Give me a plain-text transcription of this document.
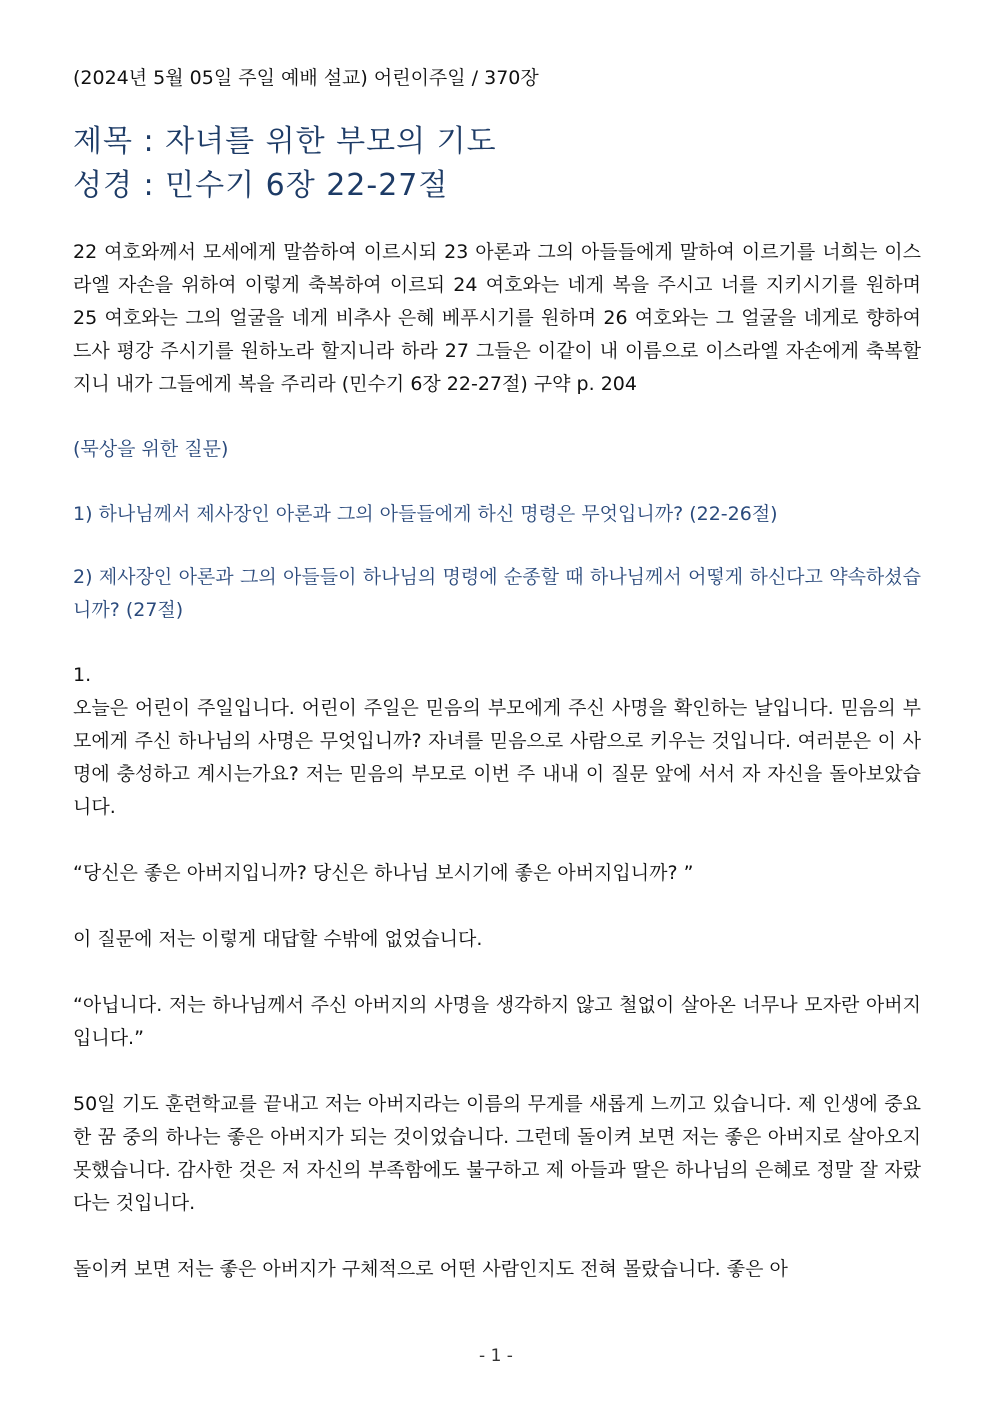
(2024년 5월 05일 주일 예배 설교) 어린이주일 / 370장

제목 : 자녀를 위한 부모의 기도
성경 : 민수기 6장 22-27절

22 여호와께서 모세에게 말씀하여 이르시되 23 아론과 그의 아들들에게 말하여 이르기를 너희는 이스라엘 자손을 위하여 이렇게 축복하여 이르되 24 여호와는 네게 복을 주시고 너를 지키시기를 원하며 25 여호와는 그의 얼굴을 네게 비추사 은혜 베푸시기를 원하며 26 여호와는 그 얼굴을 네게로 향하여 드사 평강 주시기를 원하노라 할지니라 하라 27 그들은 이같이 내 이름으로 이스라엘 자손에게 축복할지니 내가 그들에게 복을 주리라 (민수기 6장 22-27절) 구약 p. 204

(묵상을 위한 질문)

1) 하나님께서 제사장인 아론과 그의 아들들에게 하신 명령은 무엇입니까? (22-26절)

2) 제사장인 아론과 그의 아들들이 하나님의 명령에 순종할 때 하나님께서 어떻게 하신다고 약속하셨습니까? (27절)

1.

오늘은 어린이 주일입니다. 어린이 주일은 믿음의 부모에게 주신 사명을 확인하는 날입니다. 믿음의 부모에게 주신 하나님의 사명은 무엇입니까? 자녀를 믿음으로 사람으로 키우는 것입니다. 여러분은 이 사명에 충성하고 계시는가요? 저는 믿음의 부모로 이번 주 내내 이 질문 앞에 서서 자 자신을 돌아보았습니다.

“당신은 좋은 아버지입니까? 당신은 하나님 보시기에 좋은 아버지입니까? ”

이 질문에 저는 이렇게 대답할 수밖에 없었습니다.

“아닙니다. 저는 하나님께서 주신 아버지의 사명을 생각하지 않고 철없이 살아온 너무나 모자란 아버지입니다.”

50일 기도 훈련학교를 끝내고 저는 아버지라는 이름의 무게를 새롭게 느끼고 있습니다. 제 인생에 중요한 꿈 중의 하나는 좋은 아버지가 되는 것이었습니다. 그런데 돌이켜 보면 저는 좋은 아버지로 살아오지 못했습니다. 감사한 것은 저 자신의 부족함에도 불구하고 제 아들과 딸은 하나님의 은혜로 정말 잘 자랐다는 것입니다.

돌이켜 보면 저는 좋은 아버지가 구체적으로 어떤 사람인지도 전혀 몰랐습니다. 좋은 아

- 1 -
